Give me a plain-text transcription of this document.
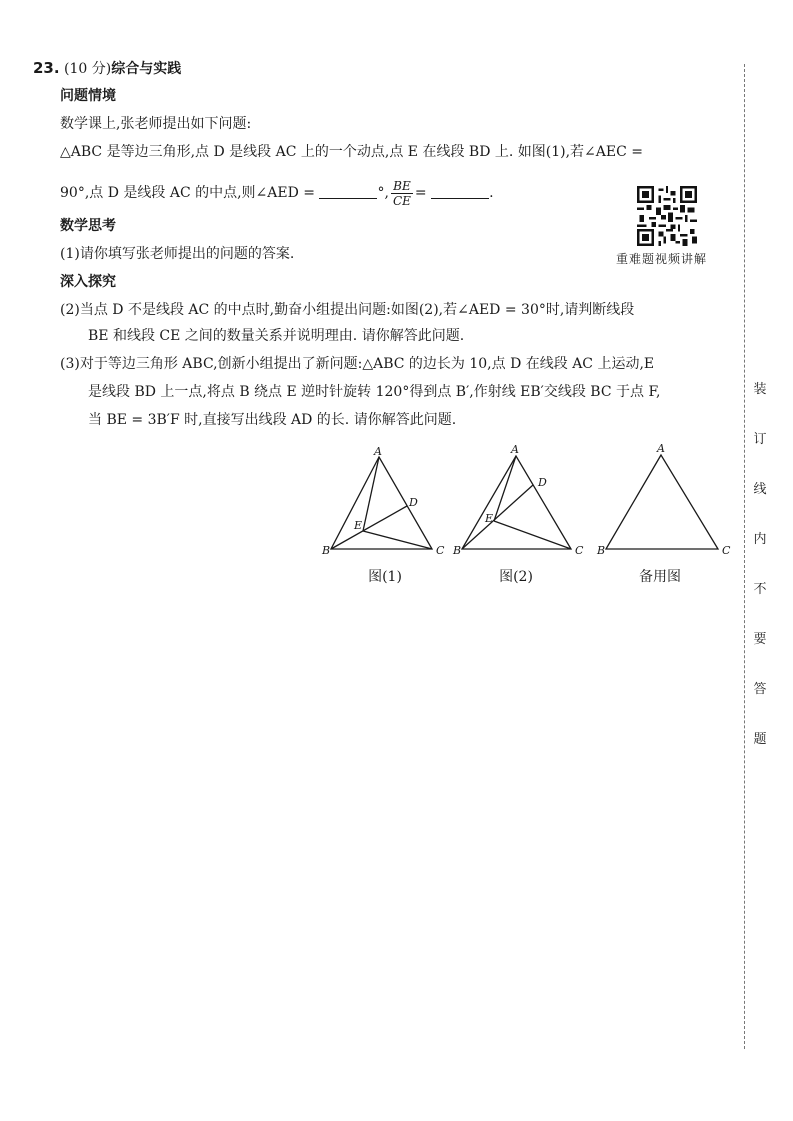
23. (10 分)综合与实践
问题情境
数学课上,张老师提出如下问题:
△ABC 是等边三角形,点 D 是线段 AC 上的一个动点,点 E 在线段 BD 上. 如图(1),若∠AEC =
90°,点 D 是线段 AC 的中点,则∠AED =	°, $\frac{BE}{CE}$ =	.
数学思考
(1)请你填写张老师提出的问题的答案.
深入探究
(2)当点 D 不是线段 AC 的中点时,勤奋小组提出问题:如图(2),若∠AED = 30°时,请判断线段
BE 和线段 CE 之间的数量关系并说明理由. 请你解答此问题.
(3)对于等边三角形 ABC,创新小组提出了新问题:△ABC 的边长为 10,点 D 在线段 AC 上运动,E
是线段 BD 上一点,将点 B 绕点 E 逆时针旋转 120°得到点 B′,作射线 EB′交线段 BC 于点 F,
当 BE = 3B′F 时,直接写出线段 AD 的长. 请你解答此问题.
重难题视频讲解
A
B	C
D
E
A
B	C
D
E
A
B	C
图(1)	图(2)	备用图
装
订
线
内
不
要
答
题
